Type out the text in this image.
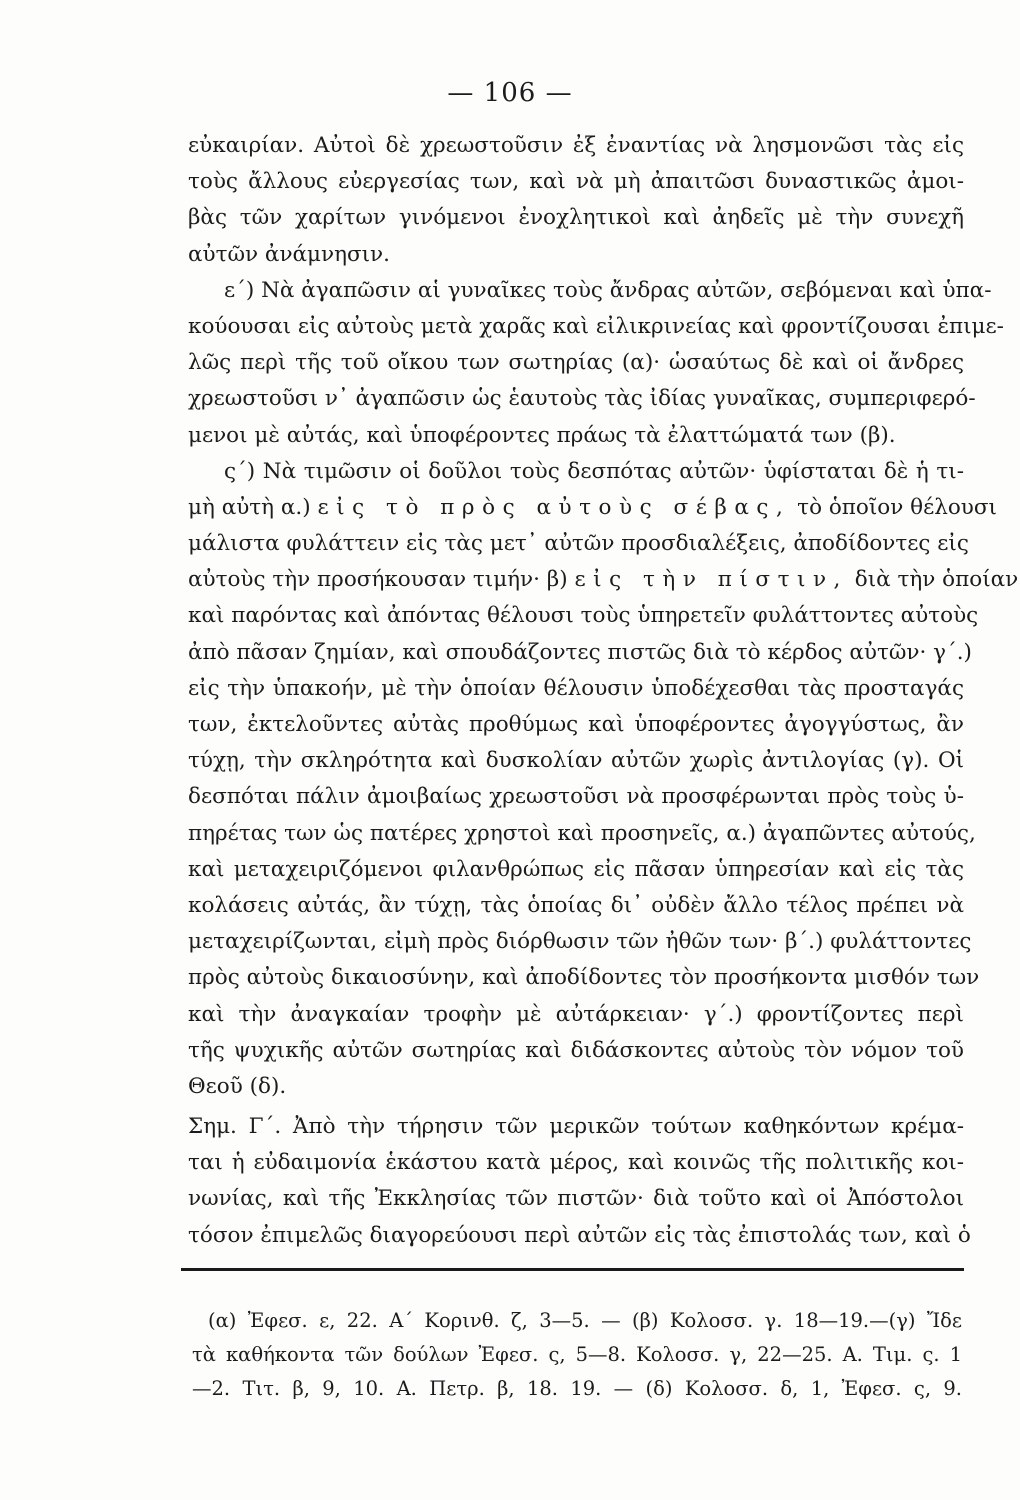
— 106 —
εὐκαιρίαν. Αὐτοὶ δὲ χρεωστοῦσιν ἐξ ἐναντίας νὰ λησμονῶσι τὰς εἰς
τοὺς ἄλλους εὐεργεσίας των, καὶ νὰ μὴ ἀπαιτῶσι δυναστικῶς ἀμοι-
βὰς τῶν χαρίτων γινόμενοι ἐνοχλητικοὶ καὶ ἀηδεῖς μὲ τὴν συνεχῆ
αὐτῶν ἀνάμνησιν.
ε΄) Νὰ ἀγαπῶσιν αἱ γυναῖκες τοὺς ἄνδρας αὐτῶν, σεβόμεναι καὶ ὑπα-
κούουσαι εἰς αὐτοὺς μετὰ χαρᾶς καὶ εἰλικρινείας καὶ φροντίζουσαι ἐπιμε-
λῶς περὶ τῆς τοῦ οἴκου των σωτηρίας (α)· ὡσαύτως δὲ καὶ οἱ ἄνδρες
χρεωστοῦσι ν᾽ ἀγαπῶσιν ὡς ἑαυτοὺς τὰς ἰδίας γυναῖκας, συμπεριφερό-
μενοι μὲ αὐτάς, καὶ ὑποφέροντες πράως τὰ ἐλαττώματά των (β).
ς΄) Νὰ τιμῶσιν οἱ δοῦλοι τοὺς δεσπότας αὐτῶν· ὑφίσταται δὲ ἡ τι-
μὴ αὐτὴ α.) εἰς τὸ πρὸς αὐτοὺς σέβας, τὸ ὁποῖον θέλουσι
μάλιστα φυλάττειν εἰς τὰς μετ᾽ αὐτῶν προσδιαλέξεις, ἀποδίδοντες εἰς
αὐτοὺς τὴν προσήκουσαν τιμήν· β) εἰς τὴν πίστιν, διὰ τὴν ὁποίαν
καὶ παρόντας καὶ ἀπόντας θέλουσι τοὺς ὑπηρετεῖν φυλάττοντες αὐτοὺς
ἀπὸ πᾶσαν ζημίαν, καὶ σπουδάζοντες πιστῶς διὰ τὸ κέρδος αὐτῶν· γ΄.)
εἰς τὴν ὑπακοήν, μὲ τὴν ὁποίαν θέλουσιν ὑποδέχεσθαι τὰς προσταγάς
των, ἐκτελοῦντες αὐτὰς προθύμως καὶ ὑποφέροντες ἀγογγύστως, ἂν
τύχῃ, τὴν σκληρότητα καὶ δυσκολίαν αὐτῶν χωρὶς ἀντιλογίας (γ). Οἱ
δεσπόται πάλιν ἀμοιβαίως χρεωστοῦσι νὰ προσφέρωνται πρὸς τοὺς ὑ-
πηρέτας των ὡς πατέρες χρηστοὶ καὶ προσηνεῖς, α.) ἀγαπῶντες αὐτούς,
καὶ μεταχειριζόμενοι φιλανθρώπως εἰς πᾶσαν ὑπηρεσίαν καὶ εἰς τὰς
κολάσεις αὐτάς, ἂν τύχῃ, τὰς ὁποίας δι᾽ οὐδὲν ἄλλο τέλος πρέπει νὰ
μεταχειρίζωνται, εἰμὴ πρὸς διόρθωσιν τῶν ἠθῶν των· β΄.) φυλάττοντες
πρὸς αὐτοὺς δικαιοσύνην, καὶ ἀποδίδοντες τὸν προσήκοντα μισθόν των
καὶ τὴν ἀναγκαίαν τροφὴν μὲ αὐτάρκειαν· γ΄.) φροντίζοντες περὶ
τῆς ψυχικῆς αὐτῶν σωτηρίας καὶ διδάσκοντες αὐτοὺς τὸν νόμον τοῦ
Θεοῦ (δ).
Σημ. Γ΄. Ἀπὸ τὴν τήρησιν τῶν μερικῶν τούτων καθηκόντων κρέμα-
ται ἡ εὐδαιμονία ἑκάστου κατὰ μέρος, καὶ κοινῶς τῆς πολιτικῆς κοι-
νωνίας, καὶ τῆς Ἐκκλησίας τῶν πιστῶν· διὰ τοῦτο καὶ οἱ Ἀπόστολοι
τόσον ἐπιμελῶς διαγορεύουσι περὶ αὐτῶν εἰς τὰς ἐπιστολάς των, καὶ ὁ
(α) Ἐφεσ. ε, 22. Α΄ Κορινθ. ζ, 3—5. — (β) Κολοσσ. γ. 18—19.—(γ) Ἴδε
τὰ καθήκοντα τῶν δούλων Ἐφεσ. ς, 5—8. Κολοσσ. γ, 22—25. Α. Τιμ. ς. 1
—2. Τιτ. β, 9, 10. Α. Πετρ. β, 18. 19. — (δ) Κολοσσ. δ, 1, Ἐφεσ. ς, 9.
